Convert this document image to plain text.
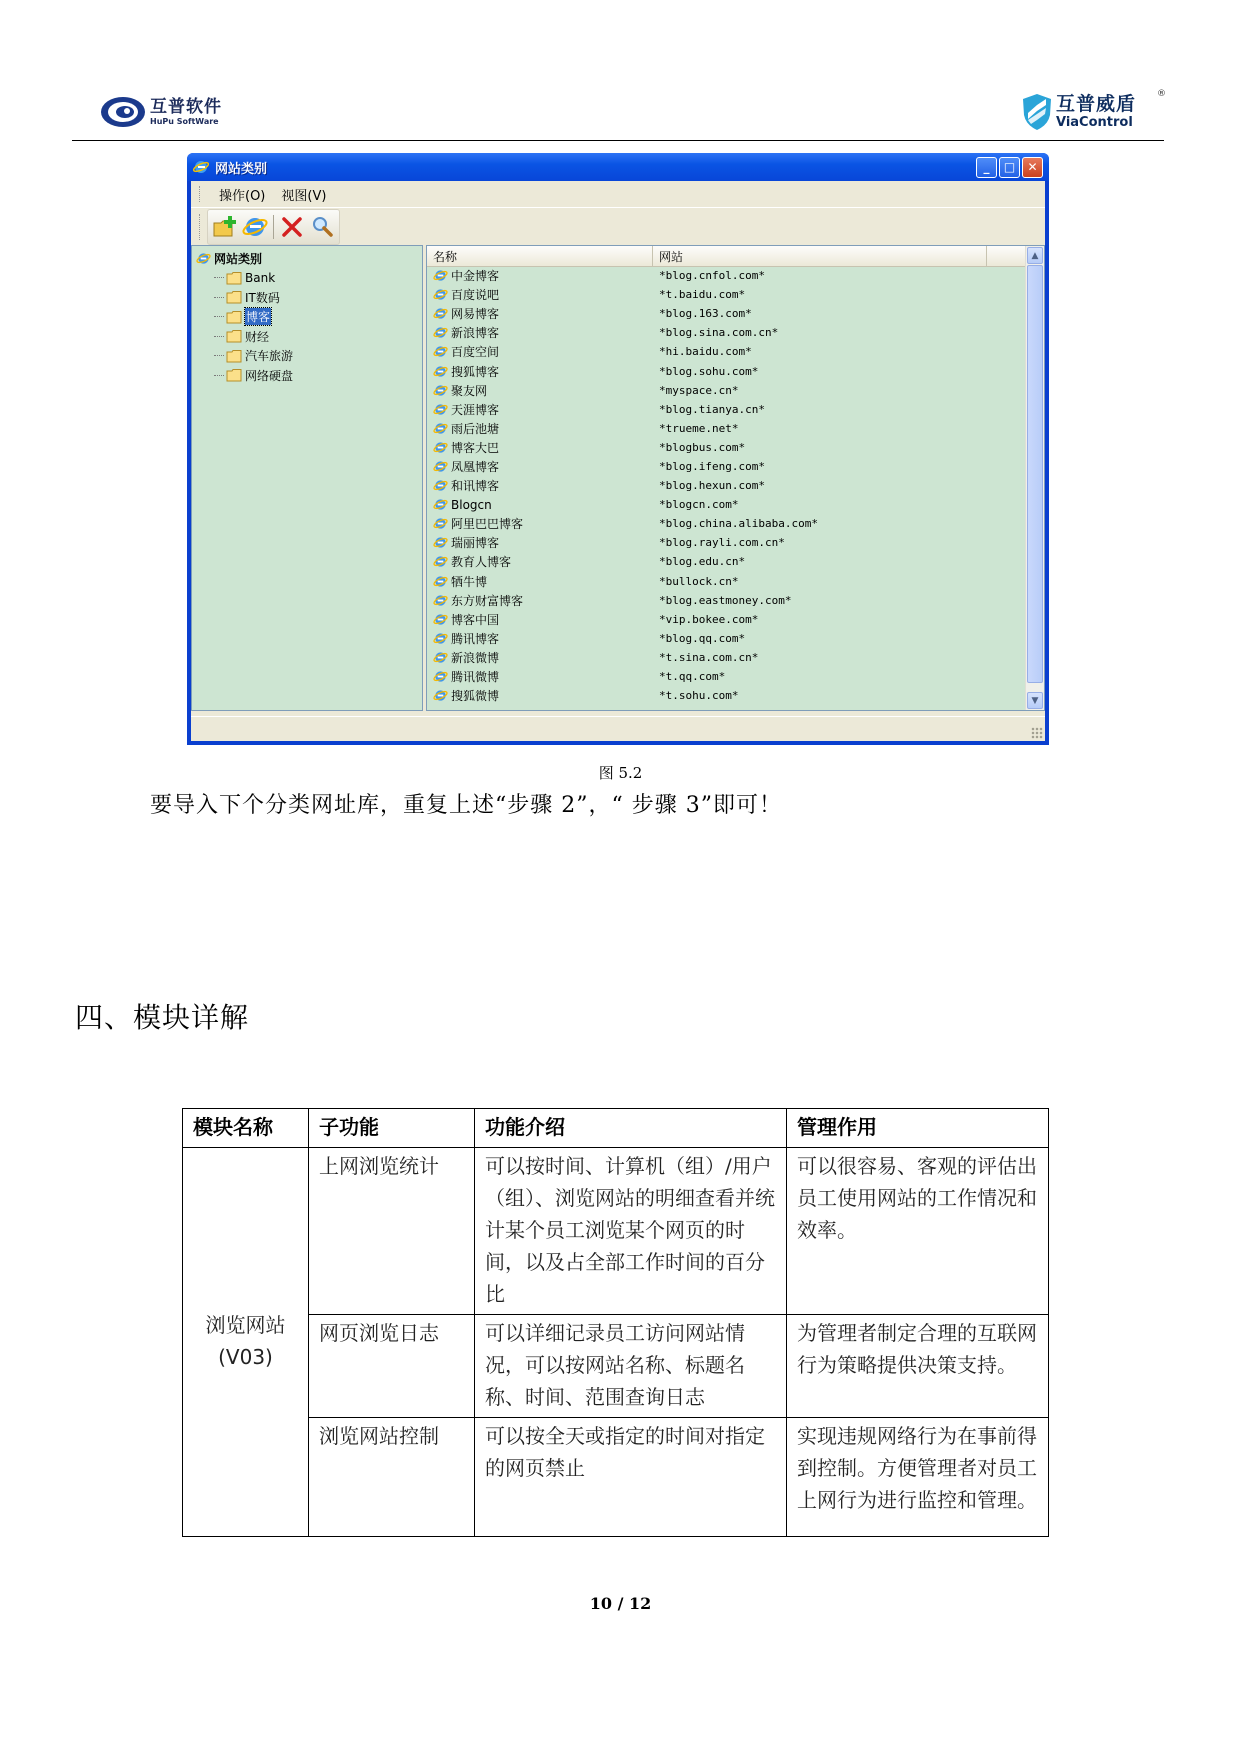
互普软件
HuPu SoftWare
互普威盾
ViaControl
®
网站类别	_	□	✕
操作(O)	视图(V)
网站类别
Bank
IT数码
博客
财经
汽车旅游
网络硬盘
名称	网站
中金博客	*blog.cnfol.com*
百度说吧	*t.baidu.com*
网易博客	*blog.163.com*
新浪博客	*blog.sina.com.cn*
百度空间	*hi.baidu.com*
搜狐博客	*blog.sohu.com*
聚友网	*myspace.cn*
天涯博客	*blog.tianya.cn*
雨后池塘	*trueme.net*
博客大巴	*blogbus.com*
凤凰博客	*blog.ifeng.com*
和讯博客	*blog.hexun.com*
Blogcn	*blogcn.com*
阿里巴巴博客	*blog.china.alibaba.com*
瑞丽博客	*blog.rayli.com.cn*
教育人博客	*blog.edu.cn*
牺牛博	*bullock.cn*
东方财富博客	*blog.eastmoney.com*
博客中国	*vip.bokee.com*
腾讯博客	*blog.qq.com*
新浪微博	*t.sina.com.cn*
腾讯微博	*t.qq.com*
搜狐微博	*t.sohu.com*
▲
▼
图 5.2
要导入下个分类网址库，重复上述“步骤 2”，“ 步骤 3”即可！
四、模块详解
模块名称	子功能	功能介绍	管理作用
浏览网站
(V03)	上网浏览统计	可以按时间、计算机（组）/用户（组）、浏览网站的明细查看并统计某个员工浏览某个网页的时间，以及占全部工作时间的百分比	可以很容易、客观的评估出员工使用网站的工作情况和效率。
	网页浏览日志	可以详细记录员工访问网站情况，可以按网站名称、标题名称、时间、范围查询日志	为管理者制定合理的互联网行为策略提供决策支持。
	浏览网站控制	可以按全天或指定的时间对指定的网页禁止	实现违规网络行为在事前得到控制。方便管理者对员工上网行为进行监控和管理。
10 / 12
